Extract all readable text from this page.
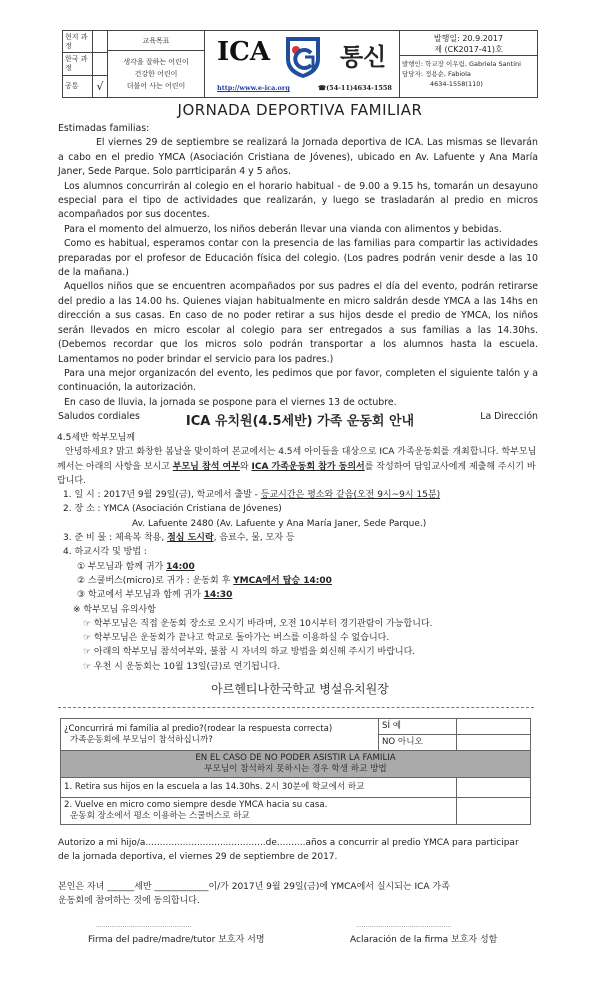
현지 과정
한국 과정
공통	√
교육목표
생각을 잘하는 어린이
건강한 어린이
더불어 사는 어린이
ICA	통신
http://www.e-ica.org	☎(54-11)4634-1558
발행일: 20.9.2017
제 (CK2017-41)호
발행인: 학교장 이우림, Gabriela Santini
담당자: 정용순, Fabiola
4634-1558(110)
JORNADA DEPORTIVA FAMILIAR

Estimadas familias:

El viernes 29 de septiembre se realizará la Jornada deportiva de ICA. Las mismas se llevarán a cabo en el predio YMCA (Asociación Cristiana de Jóvenes), ubicado en Av. Lafuente y Ana María Janer, Sede Parque. Solo parrticiparán 4 y 5 años.

Los alumnos concurrirán al colegio en el horario habitual - de 9.00 a 9.15 hs, tomarán un desayuno especial para el tipo de actividades que realizarán, y luego se trasladarán al predio en micros acompañados por sus docentes.

Para el momento del almuerzo, los niños deberán llevar una vianda con alimentos y bebidas.

Como es habitual, esperamos contar con la presencia de las familias para compartir las actividades preparadas por el profesor de Educación física del colegio. (Los padres podrán venir desde a las 10 de la mañana.)

Aquellos niños que se encuentren acompañados por sus padres el día del evento, podrán retirarse del predio a las 14.00 hs. Quienes viajan habitualmente en micro saldrán desde YMCA a las 14hs en dirección a sus casas. En caso de no poder retirar a sus hijos desde el predio de YMCA, los niños serán llevados en micro escolar al colegio para ser entregados a sus familias a las 14.30hs. (Debemos recordar que los micros solo podrán transportar a los alumnos hasta la escuela. Lamentamos no poder brindar el servicio para los padres.)

Para una mejor organizacón del evento, les pedimos que por favor, completen el siguiente talón y a continuación, la autorización.

En caso de lluvia, la jornada se pospone para el viernes 13 de octubre.

Saludos cordiales	La Dirección
ICA 유치원(4.5세반) 가족 운동회 안내
4.5세반 학부모님께
안녕하세요? 맑고 화창한 봄날을 맞이하여 본교에서는 4.5세 아이들을 대상으로 ICA 가족운동회를 개최합니다. 학부모님께서는 아래의 사항을 보시고 부모님 참석 여부와 ICA 가족운동회 참가 동의서를 작성하여 담임교사에게 제출해 주시기 바랍니다.
1. 일 시 : 2017년 9월 29일(금), 학교에서 출발 - 등교시간은 평소와 같음(오전 9시~9시 15분)
2. 장 소 : YMCA (Asociación Cristiana de Jóvenes)
Av. Lafuente 2480 (Av. Lafuente y Ana María Janer, Sede Parque.)
3. 준 비 물 : 체육복 착용, 점심 도시락, 음료수, 물, 모자 등
4. 하교시각 및 방법 :
① 부모님과 함께 귀가 14:00
② 스쿨버스(micro)로 귀가 : 운동회 후 YMCA에서 탑승 14:00
③ 학교에서 부모님과 함께 귀가 14:30
※ 학부모님 유의사항
☞ 학부모님은 직접 운동회 장소로 오시기 바라며, 오전 10시부터 경기관람이 가능합니다.
☞ 학부모님은 운동회가 끝나고 학교로 돌아가는 버스를 이용하실 수 없습니다.
☞ 아래의 학부모님 참석여부와, 불참 시 자녀의 하교 방법을 회신해 주시기 바랍니다.
☞ 우천 시 운동회는 10월 13일(금)로 연기됩니다.
아르헨티나한국학교 병설유치원장
¿Concurrirá mi familia al predio?(rodear la respuesta correcta)
가족운동회에 부모님이 참석하십니까?	SÍ 예	
	NO 아니오	

EN EL CASO DE NO PODER ASISTIR LA FAMILIA
부모님이 참석하지 못하시는 경우 학생 하교 방법		

1. Retira sus hijos en la escuela a las 14.30hs. 2시 30분에 학교에서 하교		

2. Vuelve en micro como siempre desde YMCA hacia su casa.
운동회 장소에서 평소 이용하는 스쿨버스로 하교		

Autorizo a mi hijo/a..........................................de..........años a concurrir al predio YMCA para participar
de la jornada deportiva, el viernes 29 de septiembre de 2017.
본인은 자녀 ______세반 ____________이/가 2017년 9월 29일(금)에 YMCA에서 실시되는 ICA 가족
운동회에 참여하는 것에 동의합니다.
..................................................	..................................................
Firma del padre/madre/tutor 보호자 서명	Aclaración de la firma 보호자 성함
